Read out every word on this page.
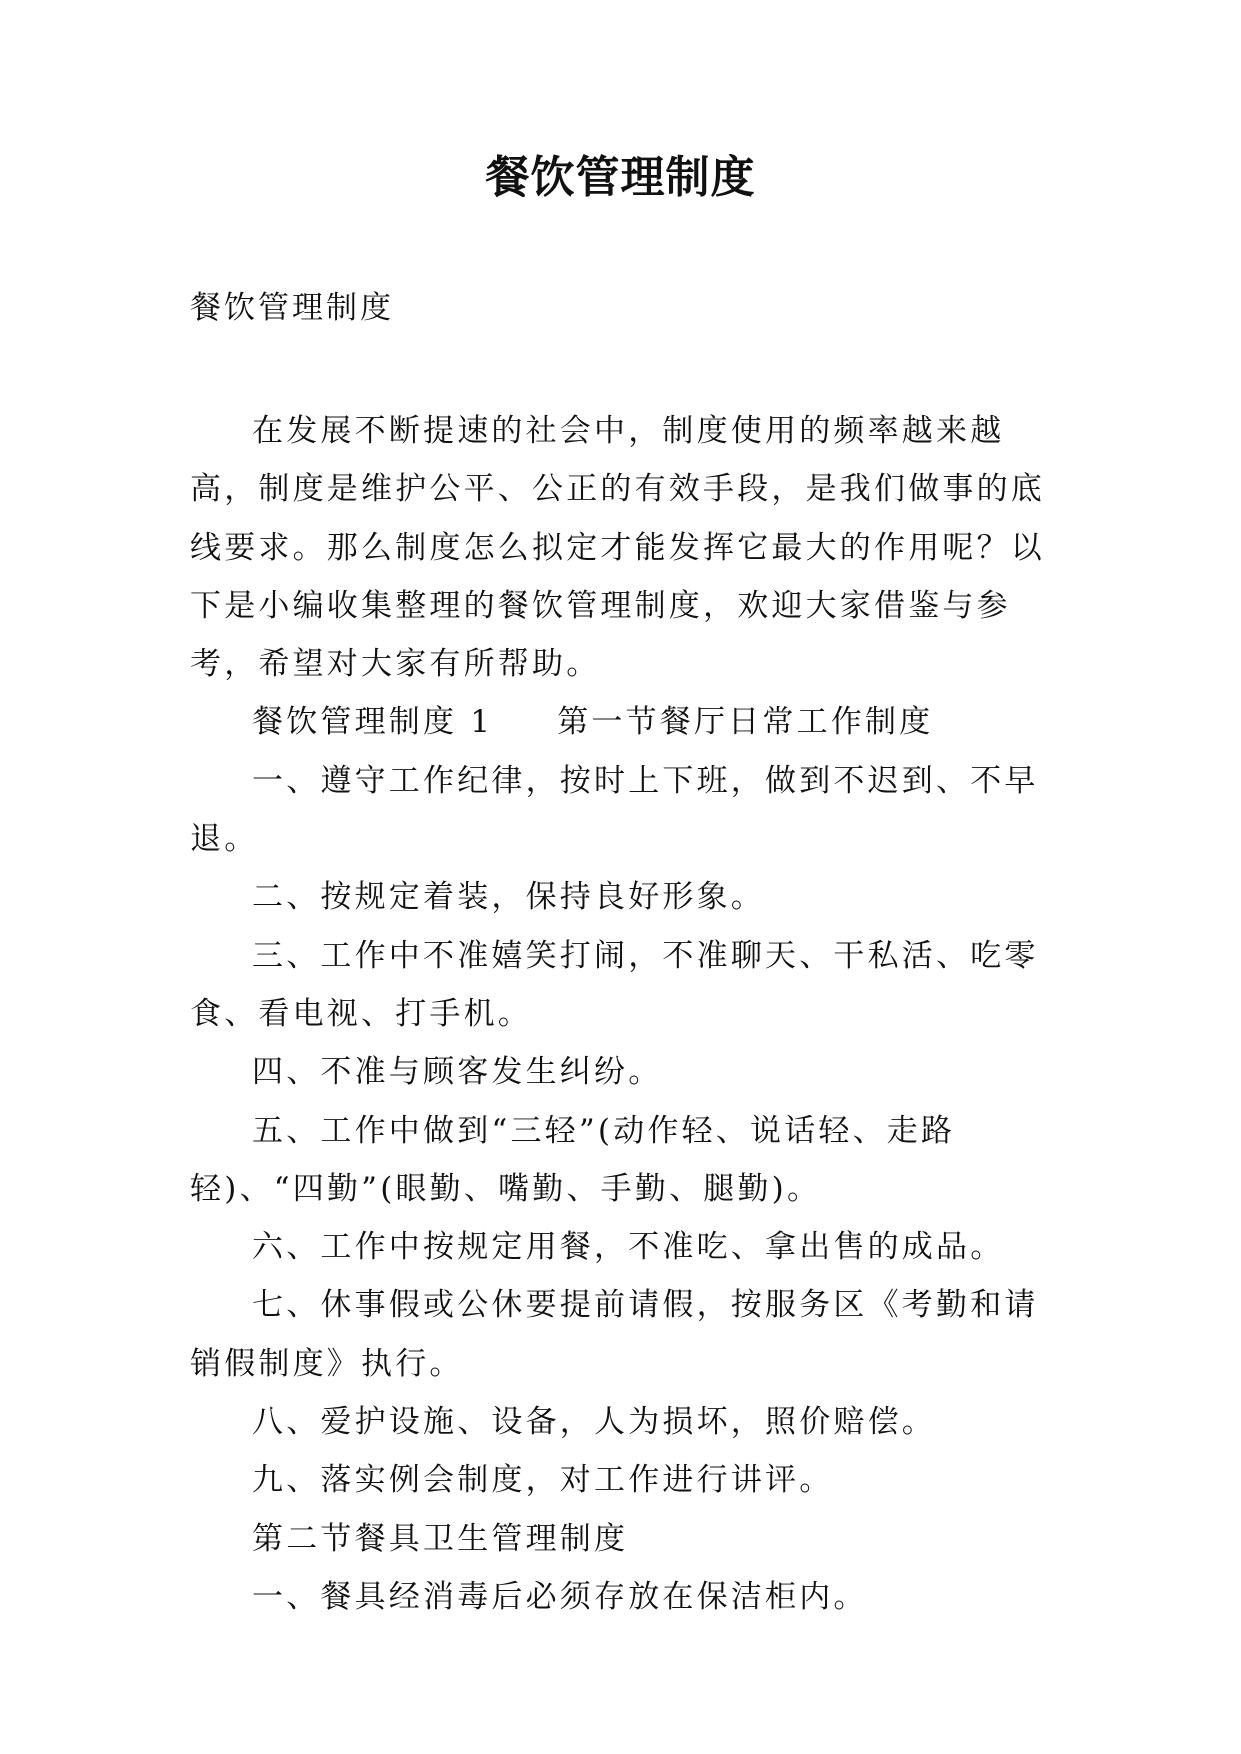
餐饮管理制度

餐饮管理制度

在发展不断提速的社会中，制度使用的频率越来越高，制度是维护公平、公正的有效手段，是我们做事的底线要求。那么制度怎么拟定才能发挥它最大的作用呢？以下是小编收集整理的餐饮管理制度，欢迎大家借鉴与参考，希望对大家有所帮助。

餐饮管理制度 1 第一节餐厅日常工作制度

一、遵守工作纪律，按时上下班，做到不迟到、不早退。

二、按规定着装，保持良好形象。

三、工作中不准嬉笑打闹，不准聊天、干私活、吃零食、看电视、打手机。

四、不准与顾客发生纠纷。

五、工作中做到“三轻”(动作轻、说话轻、走路轻)、“四勤”(眼勤、嘴勤、手勤、腿勤)。

六、工作中按规定用餐，不准吃、拿出售的成品。

七、休事假或公休要提前请假，按服务区《考勤和请销假制度》执行。

八、爱护设施、设备，人为损坏，照价赔偿。

九、落实例会制度，对工作进行讲评。

第二节餐具卫生管理制度

一、餐具经消毒后必须存放在保洁柜内。
